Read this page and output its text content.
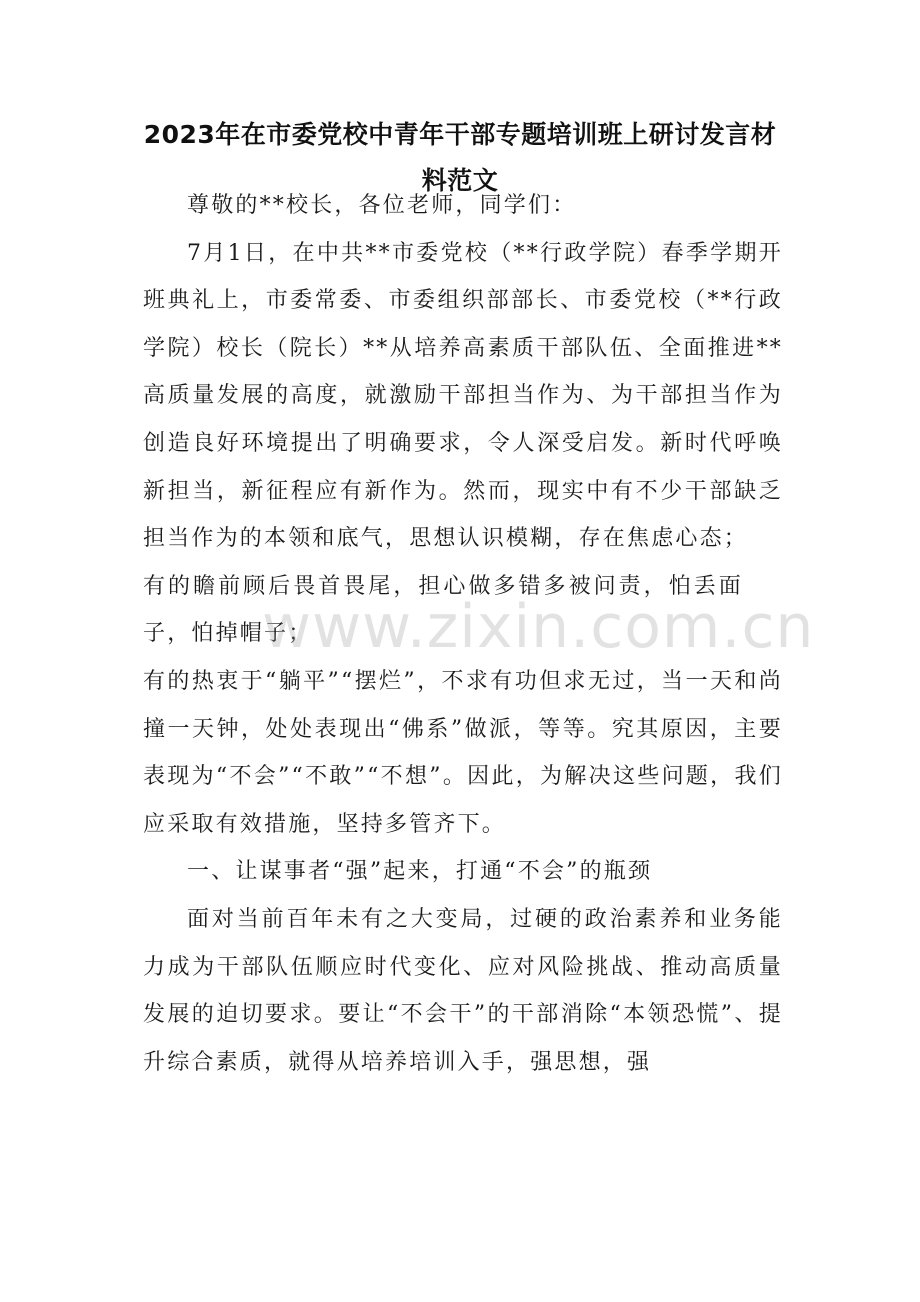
2023年在市委党校中青年干部专题培训班上研讨发言材料范文

尊敬的**校长，各位老师，同学们：

7月1日，在中共**市委党校（**行政学院）春季学期开班典礼上，市委常委、市委组织部部长、市委党校（**行政学院）校长（院长）**从培养高素质干部队伍、全面推进**高质量发展的高度，就激励干部担当作为、为干部担当作为创造良好环境提出了明确要求，令人深受启发。新时代呼唤新担当，新征程应有新作为。然而，现实中有不少干部缺乏担当作为的本领和底气，思想认识模糊，存在焦虑心态；

有的瞻前顾后畏首畏尾，担心做多错多被问责，怕丢面子，怕掉帽子；

有的热衷于“躺平”“摆烂”，不求有功但求无过，当一天和尚撞一天钟，处处表现出“佛系”做派，等等。究其原因，主要表现为“不会”“不敢”“不想”。因此，为解决这些问题，我们应采取有效措施，坚持多管齐下。

一、让谋事者“强”起来，打通“不会”的瓶颈

面对当前百年未有之大变局，过硬的政治素养和业务能力成为干部队伍顺应时代变化、应对风险挑战、推动高质量发展的迫切要求。要让“不会干”的干部消除“本领恐慌”、提升综合素质，就得从培养培训入手，强思想，强

www.zixin.com.cn
